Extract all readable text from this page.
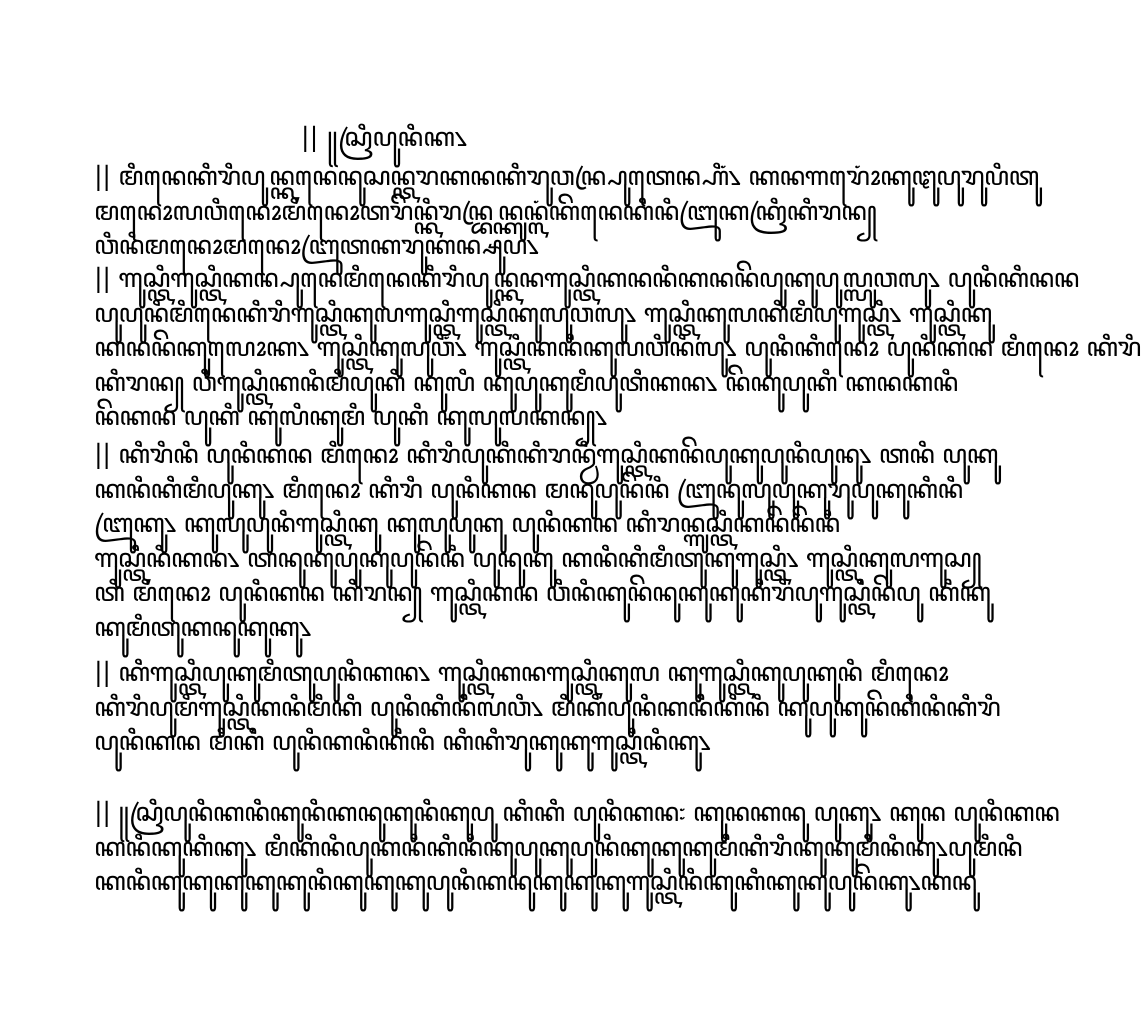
|| ꧋ꦱꦿꦶꦥꦸꦤꦶꦏ꧈
|| ꦩꦶꦤꦺꦏꦶꦫꦶꦥꦸꦤ꧀ꦏꦤꦺꦤꦸꦱꦤ꧀ꦠꦫꦏꦤꦏꦶꦫꦸꦮꦤ꧀ꦥꦿꦸꦠꦺꦤ꧀ꦲꦶꦁ꧈ ꦏꦤꦒꦫꦺꦴꦁꦏꦸꦛꦸꦥꦸꦫꦸꦥꦶꦠꦸ
ꦩꦤꦺꦴꦭꦮꦶꦤꦺꦴꦩꦶꦤꦺꦴꦠꦫꦼꦤ꧀ꦏꦶꦫꦤ꧀ꦧꦿꦤ꧀ꦏꦸꦤ꧀ꦭꦁꦏꦼꦤꦺꦏꦶꦤꦶꦧꦿꦸꦏꦏꦿꦶꦏꦶꦫꦤ꧀
ꦮꦶꦤꦶꦩꦤꦺꦴꦩꦤꦺꦴꦧꦿꦸꦠꦏꦫꦸꦏꦤ꧀ꦱꦸꦥ꧈
|| ꦒꦸꦱ꧀ꦠꦶꦒꦸꦱ꧀ꦠꦶꦏꦤ꧀ꦥꦸꦤꦺꦩꦶꦤꦺꦏꦶꦫꦶꦥꦸꦤ꧀ꦏꦤꦒꦸꦱ꧀ꦠꦶꦏꦤꦤꦶꦏꦤꦤꦼꦥꦸꦏꦸꦥꦸꦭ꧀ꦭꦸꦮꦭꦸ꧈ ꦥꦸꦤꦶꦏꦶꦤꦤ
ꦥꦸꦥꦸꦤꦶꦩꦶꦤꦺꦏꦶꦫꦶꦒꦸꦱ꧀ꦠꦶꦏꦸꦭꦒꦸꦱ꧀ꦠꦶꦒꦸꦱ꧀ꦠꦶꦏꦸꦭꦸꦮꦭꦸ꧈ ꦒꦸꦱ꧀ꦠꦶꦏꦸꦭꦏꦶꦩꦶꦥꦸꦒꦸꦱ꧀ꦠꦶ꧈ ꦒꦸꦱ꧀ꦠꦶꦏꦸ
ꦏꦤꦤꦼꦏꦸꦭꦺꦴꦏ꧈ ꦒꦸꦱ꧀ꦠꦶꦏꦸꦭꦸꦮꦶꦁ꧈ ꦒꦸꦱ꧀ꦠꦶꦏꦤꦶꦏꦸꦭꦮꦶꦤꦶꦭꦸ꧈ ꦥꦸꦤꦶꦏꦶꦤꦺꦴ ꦥꦸꦤꦶꦏꦤ ꦩꦶꦤꦺꦴ ꦏꦶꦫꦶ
ꦏꦶꦫꦤ꧀ ꦮꦶꦒꦸꦱ꧀ꦠꦶꦏꦤꦶꦩꦶꦥꦸꦏꦶ ꦏꦸꦭꦶ ꦏꦸꦥꦸꦏꦸꦩꦶꦥꦸꦠꦶꦏꦤ꧈ ꦤꦼꦏꦸꦥꦸꦏꦶ ꦏꦤꦏꦤꦶ
ꦤꦼꦏꦤ ꦥꦸꦏꦶ ꦏꦸꦭꦶꦏꦸꦩꦶ ꦥꦸꦏꦶ ꦏꦸꦭꦸꦭꦏꦤ꧀꧈
|| ꦏꦶꦫꦶꦤꦶ ꦥꦸꦤꦶꦏꦤ ꦩꦶꦤꦺꦴ ꦏꦶꦫꦶꦥꦸꦏꦶꦏꦶꦫꦤ꧀ꦮꦶꦒꦸꦱ꧀ꦠꦶꦏꦤꦼꦥꦸꦏꦸꦥꦸꦤꦶꦥꦸꦤꦸ꧈ ꦠꦤꦶ ꦥꦸꦏꦸ
ꦏꦤꦶꦏꦶꦩꦶꦥꦸꦏꦸ꧈ ꦩꦶꦤꦺꦴ ꦏꦶꦫꦶ ꦥꦸꦤꦶꦏꦤ ꦩꦤꦸꦥꦸꦤꦼꦤꦶ ꦧꦿꦸꦤꦸꦭꦸꦥꦸꦏꦸꦫꦸꦥꦸꦏꦸꦏꦶꦤꦶ
ꦧꦿꦸꦏꦸ꧈ ꦏꦸꦭꦸꦥꦸꦤꦶꦒꦸꦱ꧀ꦠꦶꦏꦸ ꦏꦸꦭꦸꦥꦸꦏꦸ ꦥꦸꦤꦶꦏꦤ ꦏꦶꦫꦤ꧀ꦒꦸꦱ꧀ꦠꦶꦏꦤꦼꦤꦼꦤꦶ
ꦒꦸꦱ꧀ꦠꦶꦤꦶꦏꦤ꧈ ꦠꦤꦸꦏꦸꦥꦸꦏꦸꦥꦸꦤꦼꦤꦶ ꦥꦸꦤꦸꦏꦸ ꦏꦤꦶꦏꦶꦩꦶꦠꦸꦏꦸꦒꦸꦱ꧀ꦠꦶ꧈ ꦒꦸꦱ꧀ꦠꦶꦏꦸꦭꦒꦸꦱ꧀
ꦠꦶ ꦩꦶꦤꦺꦴ ꦥꦸꦤꦶꦏꦤ ꦏꦶꦫꦤ꧀ ꦒꦸꦱ꧀ꦠꦶꦏꦤ ꦮꦶꦤꦶꦏꦸꦤꦼꦤꦸꦏꦸꦏꦸꦏꦶꦫꦶꦥꦸꦒꦸꦱ꧀ꦠꦶꦤꦼꦥꦸ ꦏꦶꦏꦸ
ꦏꦸꦩꦶꦠꦸꦏꦤꦸꦏꦸꦏꦸ꧈
|| ꦏꦶꦒꦸꦱ꧀ꦠꦶꦥꦸꦏꦸꦩꦶꦠꦸꦥꦸꦤꦶꦏꦤ꧈ ꦒꦸꦱ꧀ꦠꦶꦏꦤꦒꦸꦱ꧀ꦠꦶꦏꦸꦭ ꦏꦸꦒꦸꦱ꧀ꦠꦶꦏꦸꦥꦸꦏꦸꦤꦶ ꦩꦶꦤꦺꦴ
ꦏꦶꦫꦶꦥꦸꦩꦶꦒꦸꦱ꧀ꦠꦶꦏꦤꦶꦩꦶꦏꦶ ꦥꦸꦤꦶꦏꦶꦤꦶꦭꦮꦶ꧈ ꦩꦶꦏꦶꦥꦸꦤꦶꦏꦤꦶꦏꦶꦤꦶ ꦏꦸꦥꦸꦏꦸꦤꦼꦏꦶꦤꦶꦏꦶꦫꦶ
ꦥꦸꦤꦶꦏꦤ ꦩꦶꦏꦶ ꦥꦸꦤꦶꦏꦤꦶꦏꦶꦤꦶ ꦏꦶꦏꦶꦫꦸꦏꦸꦏꦸꦒꦸꦱ꧀ꦠꦶꦤꦶꦏꦸ꧈
|| ꧋ꦱꦿꦶꦥꦸꦤꦶꦏꦤꦶꦏꦸꦤꦶꦏꦤꦸꦏꦸꦤꦶꦏꦸꦥꦸ ꦏꦶꦏꦶ ꦥꦸꦤꦶꦏꦤ꧇ ꦏꦸꦤꦏꦤꦸ ꦥꦸꦏꦸ꧈ ꦏꦸꦤ ꦥꦸꦤꦶꦏꦤ
ꦏꦤꦶꦏꦸꦏꦶꦏꦸ꧈ ꦩꦶꦏꦶꦤꦶꦥꦸꦏꦤꦶꦏꦶꦤꦶꦏꦸꦥꦸꦏꦸꦥꦸꦤꦶꦏꦸꦏꦸꦏꦸꦩꦶꦏꦶꦫꦶꦏꦸꦏꦸꦩꦶꦤꦶꦏꦸ꧈ꦥꦸꦩꦶꦤꦶ
ꦏꦤꦶꦏꦸꦏꦸꦏꦸꦏꦸꦏꦸꦤꦶꦏꦸꦏꦸꦏꦸꦥꦸꦤꦶꦏꦤꦸꦏꦸꦏꦸꦏꦸꦒꦸꦱ꧀ꦠꦶꦤꦶꦏꦸꦏꦶꦏꦸꦏꦸꦥꦸꦤꦼꦏꦸ꧈ꦏꦤꦸ
